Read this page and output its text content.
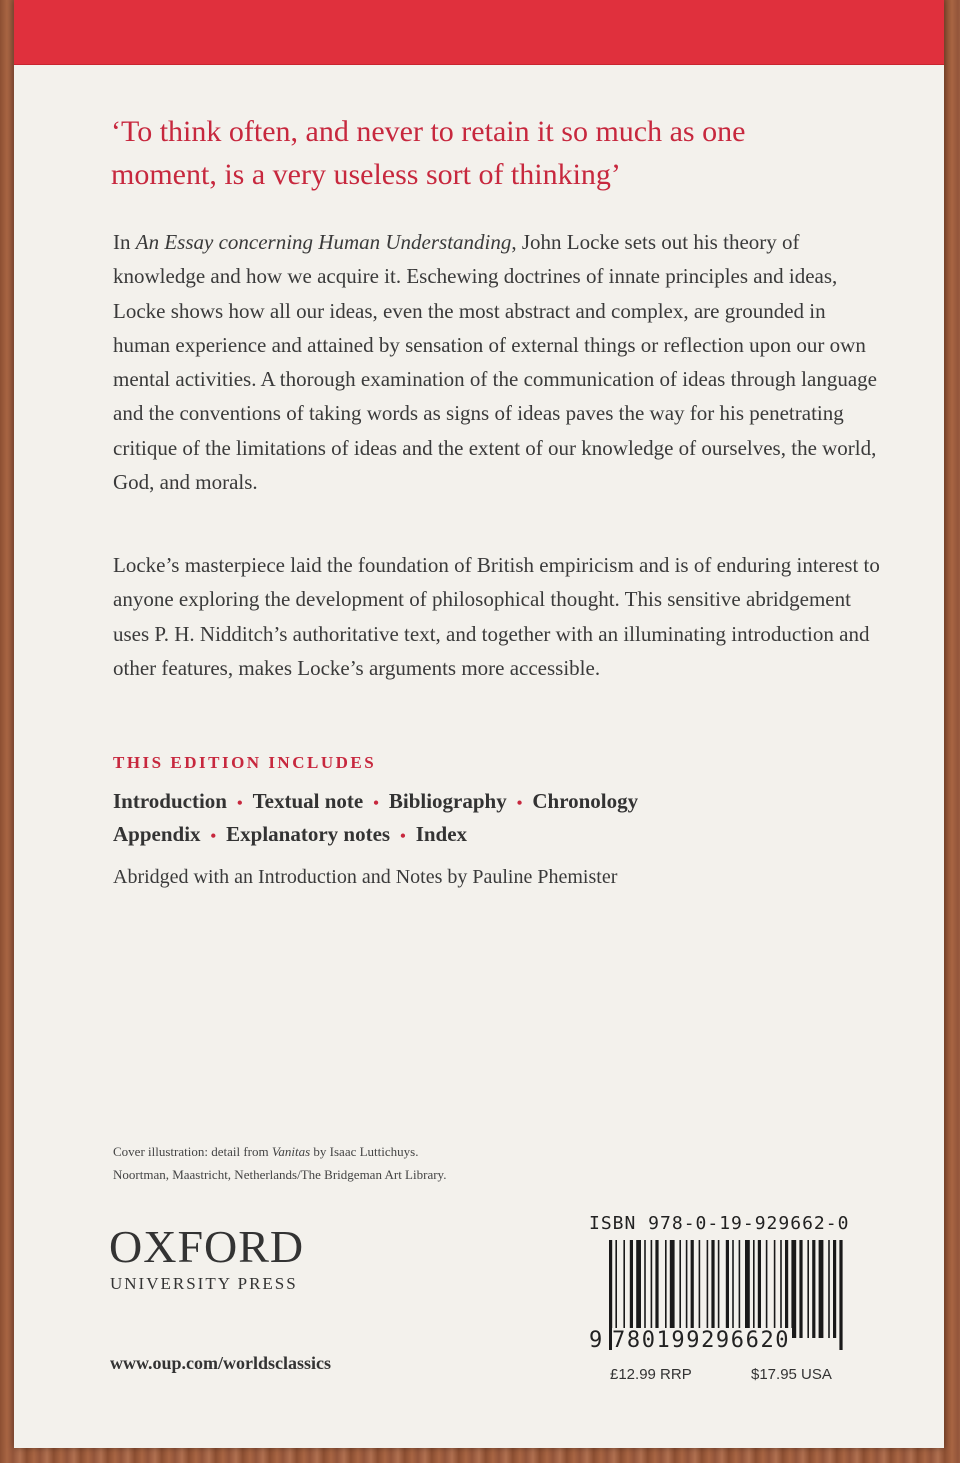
‘To think often, and never to retain it so much as one moment, is a very useless sort of thinking’

In An Essay concerning Human Understanding, John Locke sets out his theory of knowledge and how we acquire it. Eschewing doctrines of innate principles and ideas, Locke shows how all our ideas, even the most abstract and complex, are grounded in human experience and attained by sensation of external things or reflection upon our own mental activities. A thorough examination of the communication of ideas through language and the conventions of taking words as signs of ideas paves the way for his penetrating critique of the limitations of ideas and the extent of our knowledge of ourselves, the world, God, and morals.

Locke’s masterpiece laid the foundation of British empiricism and is of enduring interest to anyone exploring the development of philosophical thought. This sensitive abridgement uses P. H. Nidditch’s authoritative text, and together with an illuminating introduction and other features, makes Locke’s arguments more accessible.

THIS EDITION INCLUDES
Introduction • Textual note • Bibliography • Chronology
Appendix • Explanatory notes • Index

Abridged with an Introduction and Notes by Pauline Phemister

Cover illustration: detail from Vanitas by Isaac Luttichuys.
Noortman, Maastricht, Netherlands/The Bridgeman Art Library.

OXFORD
UNIVERSITY PRESS
www.oup.com/worldsclassics
ISBN 978-0-19-929662-0
9 780199296620
£12.99 RRP	$17.95 USA
